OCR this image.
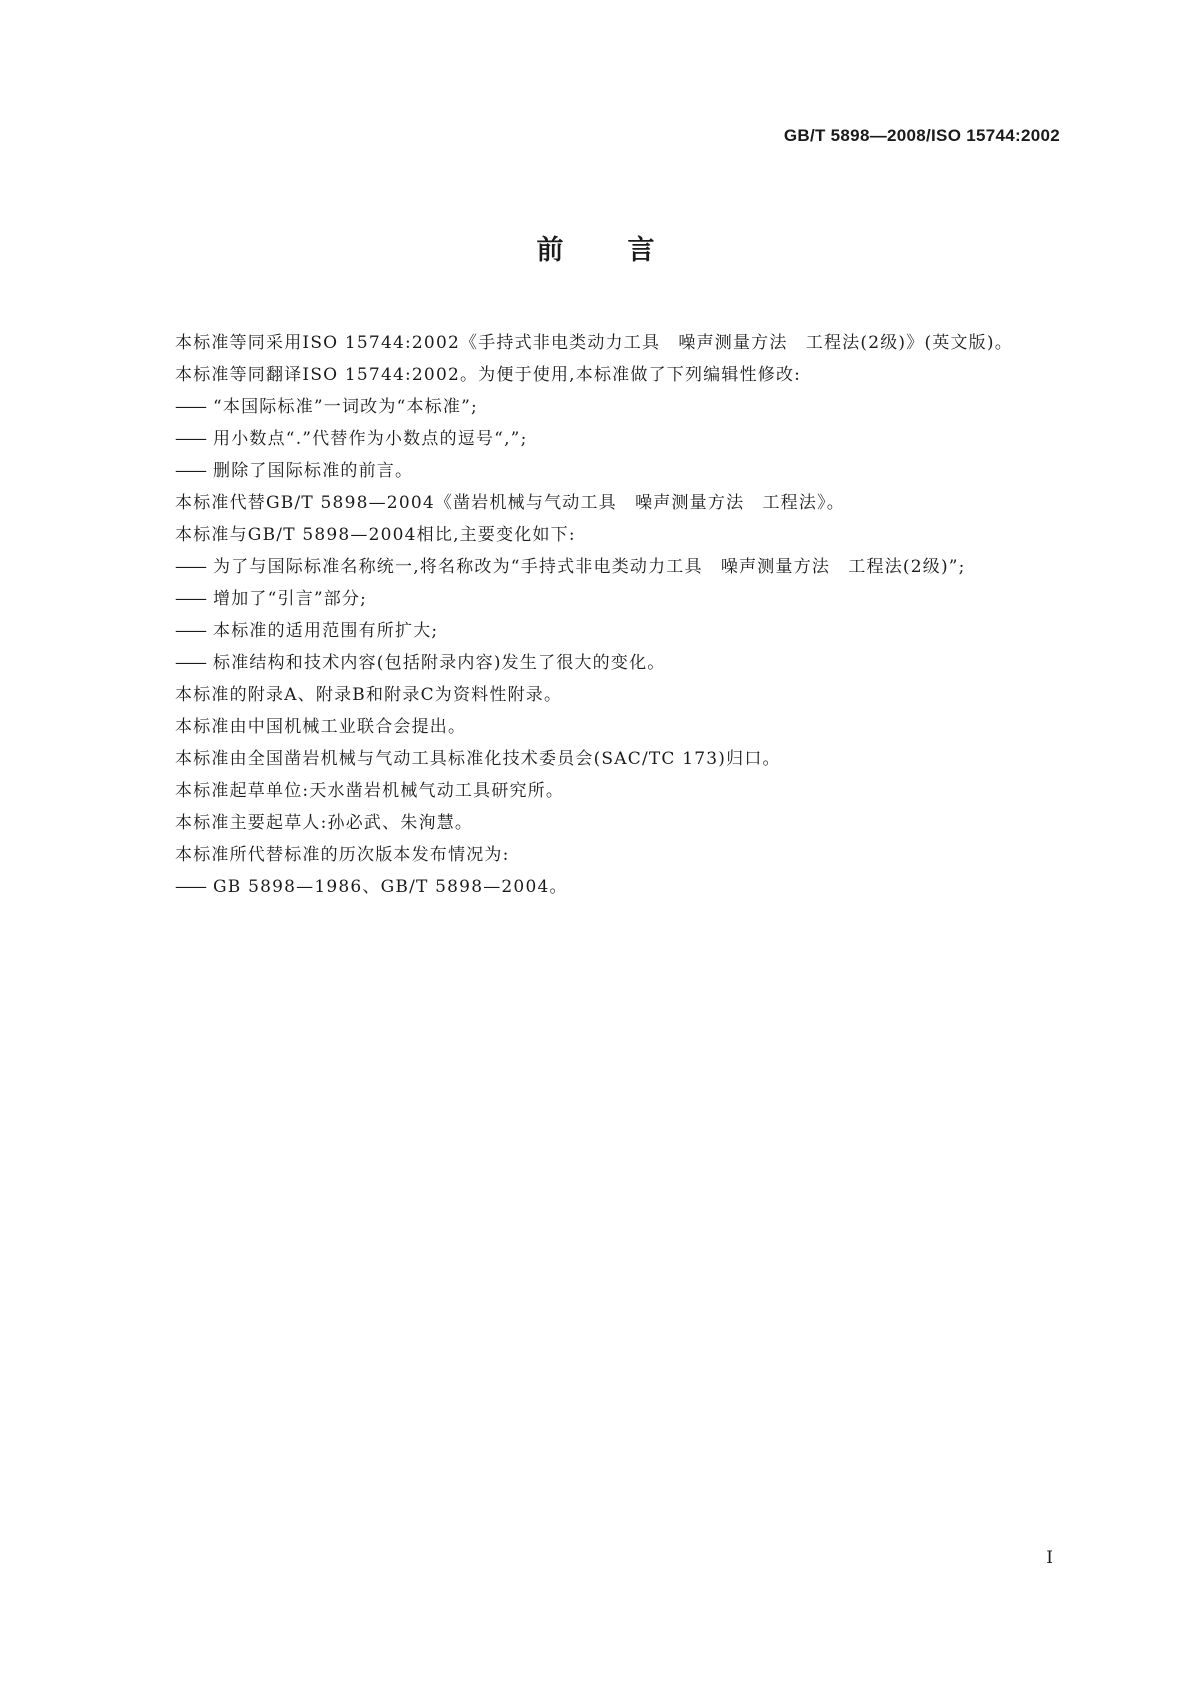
GB/T 5898—2008/ISO 15744:2002
前言
本标准等同采用ISO 15744:2002《手持式非电类动力工具　噪声测量方法　工程法(2级)》(英文版)。
本标准等同翻译ISO 15744:2002。为便于使用,本标准做了下列编辑性修改:
—— “本国际标准”一词改为“本标准”;
—— 用小数点“.”代替作为小数点的逗号“,”;
—— 删除了国际标准的前言。
本标准代替GB/T 5898—2004《凿岩机械与气动工具　噪声测量方法　工程法》。
本标准与GB/T 5898—2004相比,主要变化如下:
—— 为了与国际标准名称统一,将名称改为“手持式非电类动力工具　噪声测量方法　工程法(2级)”;
—— 增加了“引言”部分;
—— 本标准的适用范围有所扩大;
—— 标准结构和技术内容(包括附录内容)发生了很大的变化。
本标准的附录A、附录B和附录C为资料性附录。
本标准由中国机械工业联合会提出。
本标准由全国凿岩机械与气动工具标准化技术委员会(SAC/TC 173)归口。
本标准起草单位:天水凿岩机械气动工具研究所。
本标准主要起草人:孙必武、朱洵慧。
本标准所代替标准的历次版本发布情况为:
—— GB 5898—1986、GB/T 5898—2004。
I
